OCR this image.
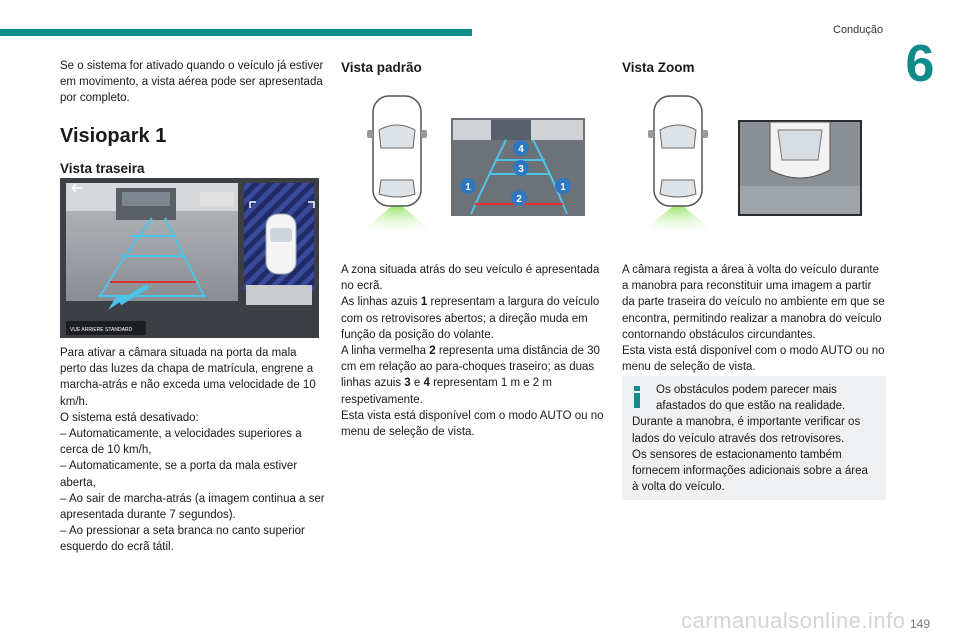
Condução
6

Se o sistema for ativado quando o veículo já estiver em movimento, a vista aérea pode ser apresentada por completo.

Visiopark 1
Vista traseira
VUE ARRIERE STANDARD

Para ativar a câmara situada na porta da mala perto das luzes da chapa de matrícula, engrene a marcha-atrás e não exceda uma velocidade de 10 km/h.

O sistema está desativado:

– Automaticamente, a velocidades superiores a cerca de 10 km/h,

– Automaticamente, se a porta da mala estiver aberta,

– Ao sair de marcha-atrás (a imagem continua a ser apresentada durante 7 segundos).

– Ao pressionar a seta branca no canto superior esquerdo do ecrã tátil.

Vista padrão
4
3
1	1
2

A zona situada atrás do seu veículo é apresentada no ecrã.

As linhas azuis 1 representam a largura do veículo com os retrovisores abertos; a direção muda em função da posição do volante.

A linha vermelha 2 representa uma distância de 30 cm em relação ao para-choques traseiro; as duas linhas azuis 3 e 4 representam 1 m e 2 m respetivamente.

Esta vista está disponível com o modo AUTO ou no menu de seleção de vista.

Vista Zoom

A câmara regista a área à volta do veículo durante a manobra para reconstituir uma imagem a partir da parte traseira do veículo no ambiente em que se encontra, permitindo realizar a manobra do veículo contornando obstáculos circundantes.

Esta vista está disponível com o modo AUTO ou no menu de seleção de vista.

Os obstáculos podem parecer mais afastados do que estão na realidade.

Durante a manobra, é importante verificar os lados do veículo através dos retrovisores.

Os sensores de estacionamento também fornecem informações adicionais sobre a área à volta do veículo.

carmanualsonline.info 149
